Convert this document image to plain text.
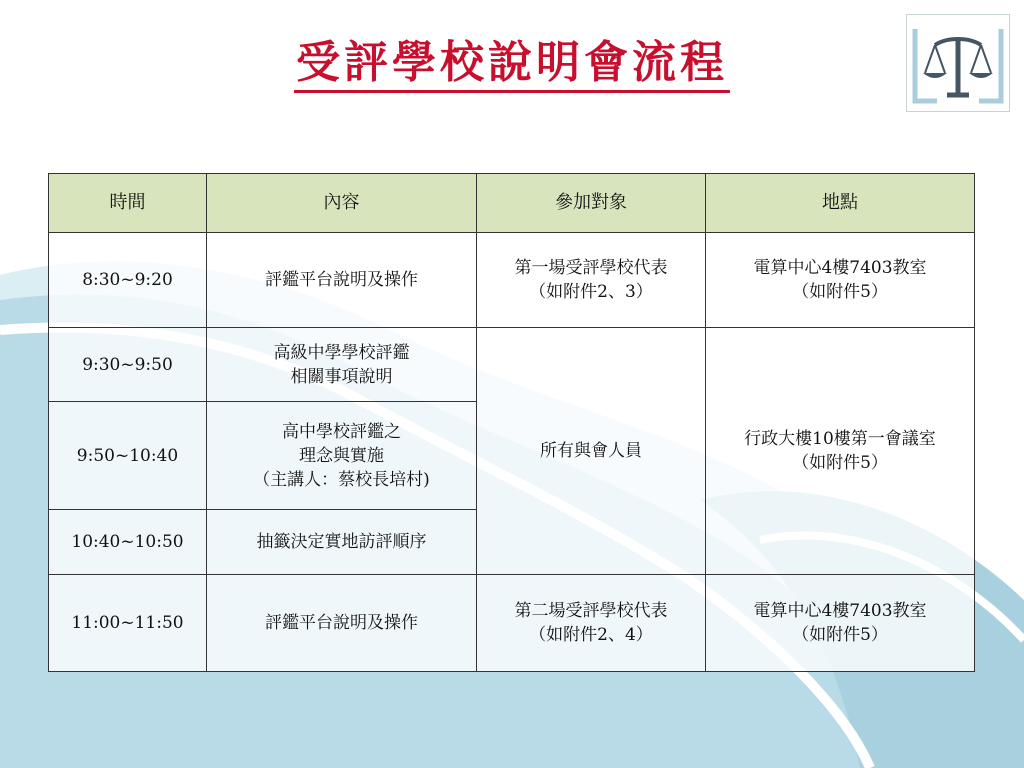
受評學校說明會流程
時間	內容	參加對象	地點
8:30~9:20	評鑑平台說明及操作	第一場受評學校代表
（如附件2、3）	電算中心4樓7403教室
（如附件5）

9:30~9:50	高級中學學校評鑑
相關事項說明	所有與會人員	行政大樓10樓第一會議室
（如附件5）

9:50~10:40	高中學校評鑑之
理念與實施
（主講人：蔡校長培村)		

10:40~10:50	抽籤決定實地訪評順序		

11:00~11:50	評鑑平台說明及操作	第二場受評學校代表
（如附件2、4）	電算中心4樓7403教室
（如附件5）
